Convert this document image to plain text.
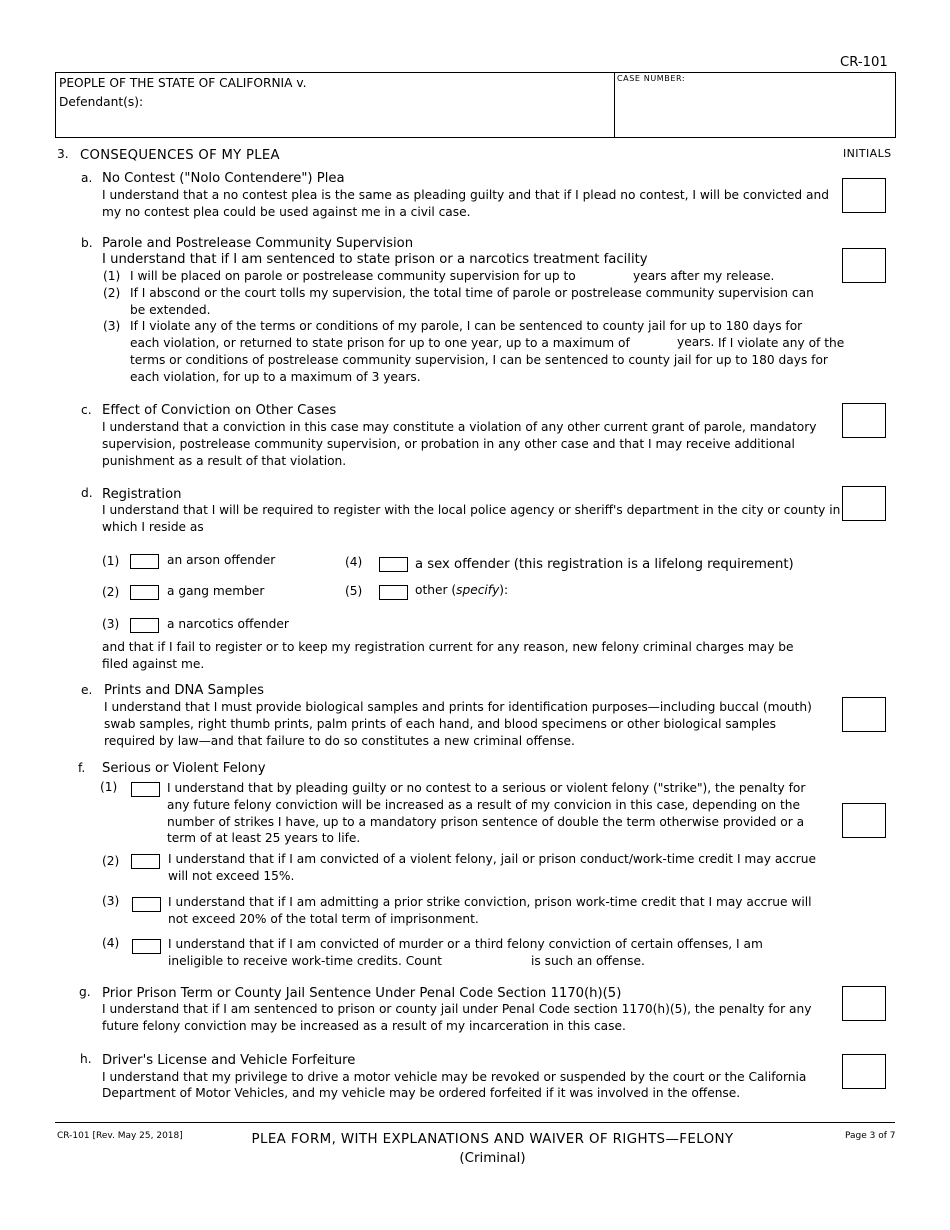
CR-101
PEOPLE OF THE STATE OF CALIFORNIA v.
Defendant(s):
CASE NUMBER:
3. CONSEQUENCES OF MY PLEA	INITIALS
a. No Contest ("Nolo Contendere") Plea
I understand that a no contest plea is the same as pleading guilty and that if I plead no contest, I will be convicted and
my no contest plea could be used against me in a civil case.
b. Parole and Postrelease Community Supervision
I understand that if I am sentenced to state prison or a narcotics treatment facility
(1) I will be placed on parole or postrelease community supervision for up to	years after my release.
(2) If I abscond or the court tolls my supervision, the total time of parole or postrelease community supervision can
be extended.
(3) If I violate any of the terms or conditions of my parole, I can be sentenced to county jail for up to 180 days for
each violation, or returned to state prison for up to one year, up to a maximum of	years. If I violate any of the
terms or conditions of postrelease community supervision, I can be sentenced to county jail for up to 180 days for
each violation, for up to a maximum of 3 years.
c. Effect of Conviction on Other Cases
I understand that a conviction in this case may constitute a violation of any other current grant of parole, mandatory
supervision, postrelease community supervision, or probation in any other case and that I may receive additional
punishment as a result of that violation.
d. Registration
I understand that I will be required to register with the local police agency or sheriff's department in the city or county in
which I reside as
(1)	an arson offender	(4)	a sex offender (this registration is a lifelong requirement)
(2)	a gang member	(5)	other (specify):
(3)	a narcotics offender
and that if I fail to register or to keep my registration current for any reason, new felony criminal charges may be
filed against me.
e. Prints and DNA Samples
I understand that I must provide biological samples and prints for identification purposes—including buccal (mouth)
swab samples, right thumb prints, palm prints of each hand, and blood specimens or other biological samples
required by law—and that failure to do so constitutes a new criminal offense.
f. Serious or Violent Felony
(1)	I understand that by pleading guilty or no contest to a serious or violent felony ("strike"), the penalty for
any future felony conviction will be increased as a result of my convicion in this case, depending on the
number of strikes I have, up to a mandatory prison sentence of double the term otherwise provided or a
term of at least 25 years to life.
(2)	I understand that if I am convicted of a violent felony, jail or prison conduct/work-time credit I may accrue
will not exceed 15%.
(3)	I understand that if I am admitting a prior strike conviction, prison work-time credit that I may accrue will
not exceed 20% of the total term of imprisonment.
(4)	I understand that if I am convicted of murder or a third felony conviction of certain offenses, I am
ineligible to receive work-time credits. Count	is such an offense.
g. Prior Prison Term or County Jail Sentence Under Penal Code Section 1170(h)(5)
I understand that if I am sentenced to prison or county jail under Penal Code section 1170(h)(5), the penalty for any
future felony conviction may be increased as a result of my incarceration in this case.
h. Driver's License and Vehicle Forfeiture
I understand that my privilege to drive a motor vehicle may be revoked or suspended by the court or the California
Department of Motor Vehicles, and my vehicle may be ordered forfeited if it was involved in the offense.
CR-101 [Rev. May 25, 2018]	PLEA FORM, WITH EXPLANATIONS AND WAIVER OF RIGHTS—FELONY
(Criminal)
Page 3 of 7
